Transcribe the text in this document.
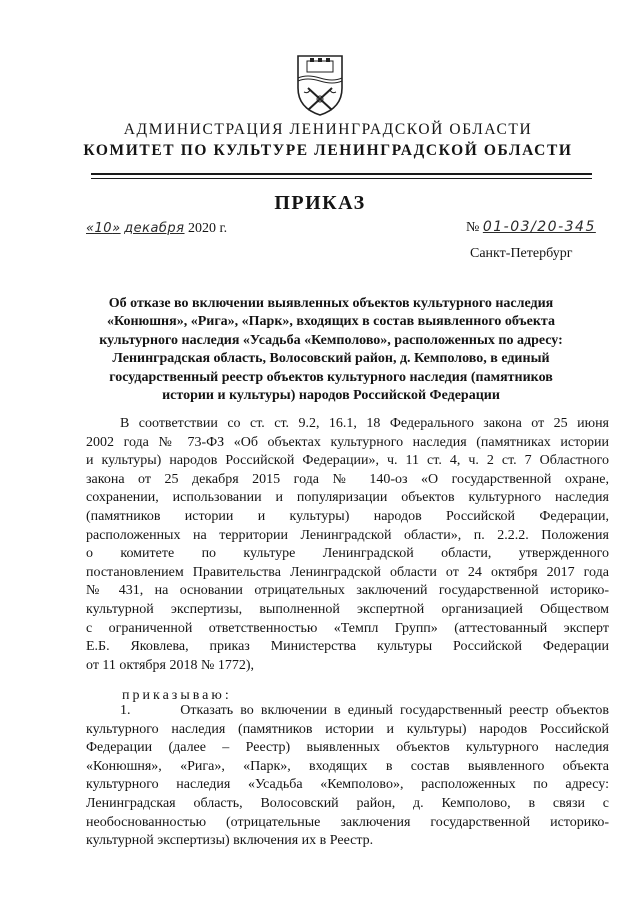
АДМИНИСТРАЦИЯ ЛЕНИНГРАДСКОЙ ОБЛАСТИ
КОМИТЕТ ПО КУЛЬТУРЕ ЛЕНИНГРАДСКОЙ ОБЛАСТИ
ПРИКАЗ
«10» декабря 2020 г.	№ 01-03/20-345
Санкт-Петербург
Об отказе во включении выявленных объектов культурного наследия
«Конюшня», «Рига», «Парк», входящих в состав выявленного объекта
культурного наследия «Усадьба «Кемполово», расположенных по адресу:
Ленинградская область, Волосовский район, д. Кемполово, в единый
государственный реестр объектов культурного наследия (памятников
истории и культуры) народов Российской Федерации
В соответствии со ст. ст. 9.2, 16.1, 18 Федерального закона от 25 июня
2002 года № 73-ФЗ «Об объектах культурного наследия (памятниках истории
и культуры) народов Российской Федерации», ч. 11 ст. 4, ч. 2 ст. 7 Областного
закона от 25 декабря 2015 года № 140-оз «О государственной охране,
сохранении, использовании и популяризации объектов культурного наследия
(памятников истории и культуры) народов Российской Федерации,
расположенных на территории Ленинградской области», п. 2.2.2. Положения
о комитете по культуре Ленинградской области, утвержденного
постановлением Правительства Ленинградской области от 24 октября 2017 года
№ 431, на основании отрицательных заключений государственной историко-
культурной экспертизы, выполненной экспертной организацией Обществом
с ограниченной ответственностью «Темпл Групп» (аттестованный эксперт
Е.Б. Яковлева, приказ Министерства культуры Российской Федерации
от 11 октября 2018 № 1772),
приказываю:
1.	Отказать во включении в единый государственный реестр объектов
культурного наследия (памятников истории и культуры) народов Российской
Федерации (далее – Реестр) выявленных объектов культурного наследия
«Конюшня», «Рига», «Парк», входящих в состав выявленного объекта
культурного наследия «Усадьба «Кемполово», расположенных по адресу:
Ленинградская область, Волосовский район, д. Кемполово, в связи с
необоснованностью (отрицательные заключения государственной историко-
культурной экспертизы) включения их в Реестр.
